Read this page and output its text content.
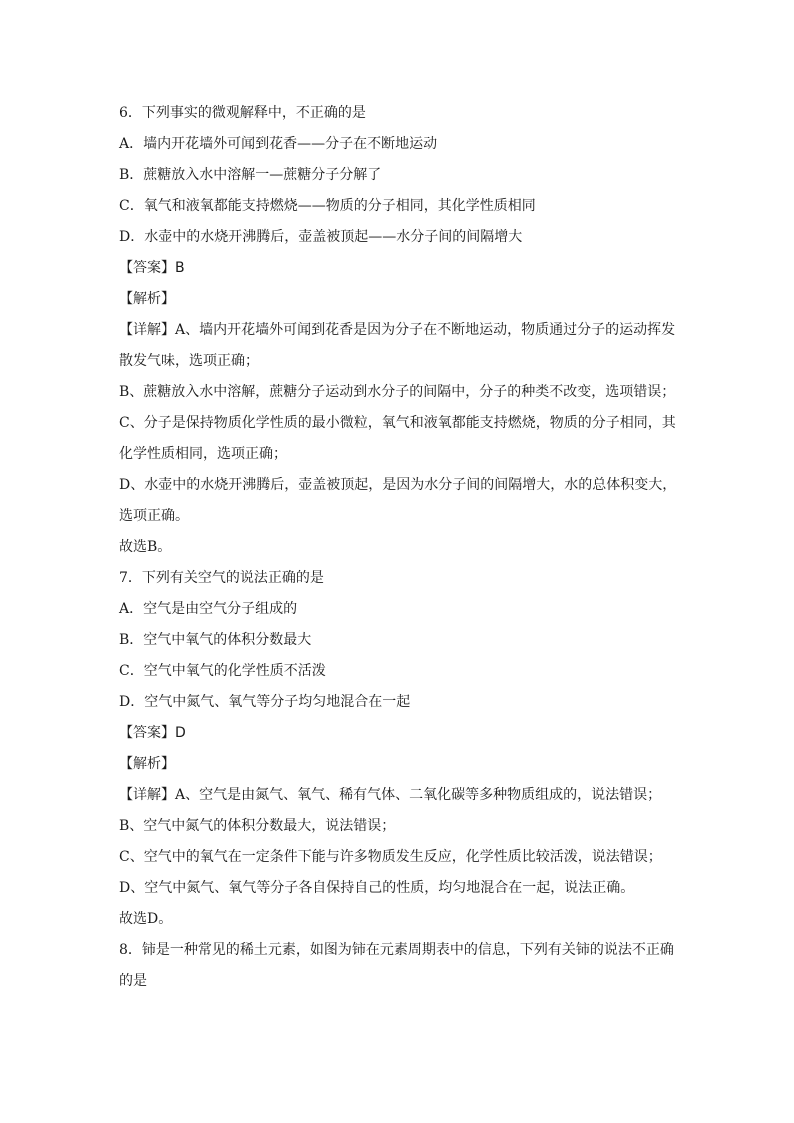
6．下列事实的微观解释中，不正确的是
A．墙内开花墙外可闻到花香——分子在不断地运动
B．蔗糖放入水中溶解一—蔗糖分子分解了
C．氧气和液氧都能支持燃烧——物质的分子相同，其化学性质相同
D．水壶中的水烧开沸腾后，壶盖被顶起——水分子间的间隔增大
【答案】B
【解析】
【详解】A、墙内开花墙外可闻到花香是因为分子在不断地运动，物质通过分子的运动挥发
散发气味，选项正确；
B、蔗糖放入水中溶解，蔗糖分子运动到水分子的间隔中，分子的种类不改变，选项错误；
C、分子是保持物质化学性质的最小微粒，氧气和液氧都能支持燃烧，物质的分子相同，其
化学性质相同，选项正确；
D、水壶中的水烧开沸腾后，壶盖被顶起，是因为水分子间的间隔增大，水的总体积变大，
选项正确。
故选B。
7．下列有关空气的说法正确的是
A．空气是由空气分子组成的
B．空气中氧气的体积分数最大
C．空气中氧气的化学性质不活泼
D．空气中氮气、氧气等分子均匀地混合在一起
【答案】D
【解析】
【详解】A、空气是由氮气、氧气、稀有气体、二氧化碳等多种物质组成的，说法错误；
B、空气中氮气的体积分数最大，说法错误；
C、空气中的氧气在一定条件下能与许多物质发生反应，化学性质比较活泼，说法错误；
D、空气中氮气、氧气等分子各自保持自己的性质，均匀地混合在一起，说法正确。
故选D。
8．铈是一种常见的稀土元素，如图为铈在元素周期表中的信息，下列有关铈的说法不正确
的是
